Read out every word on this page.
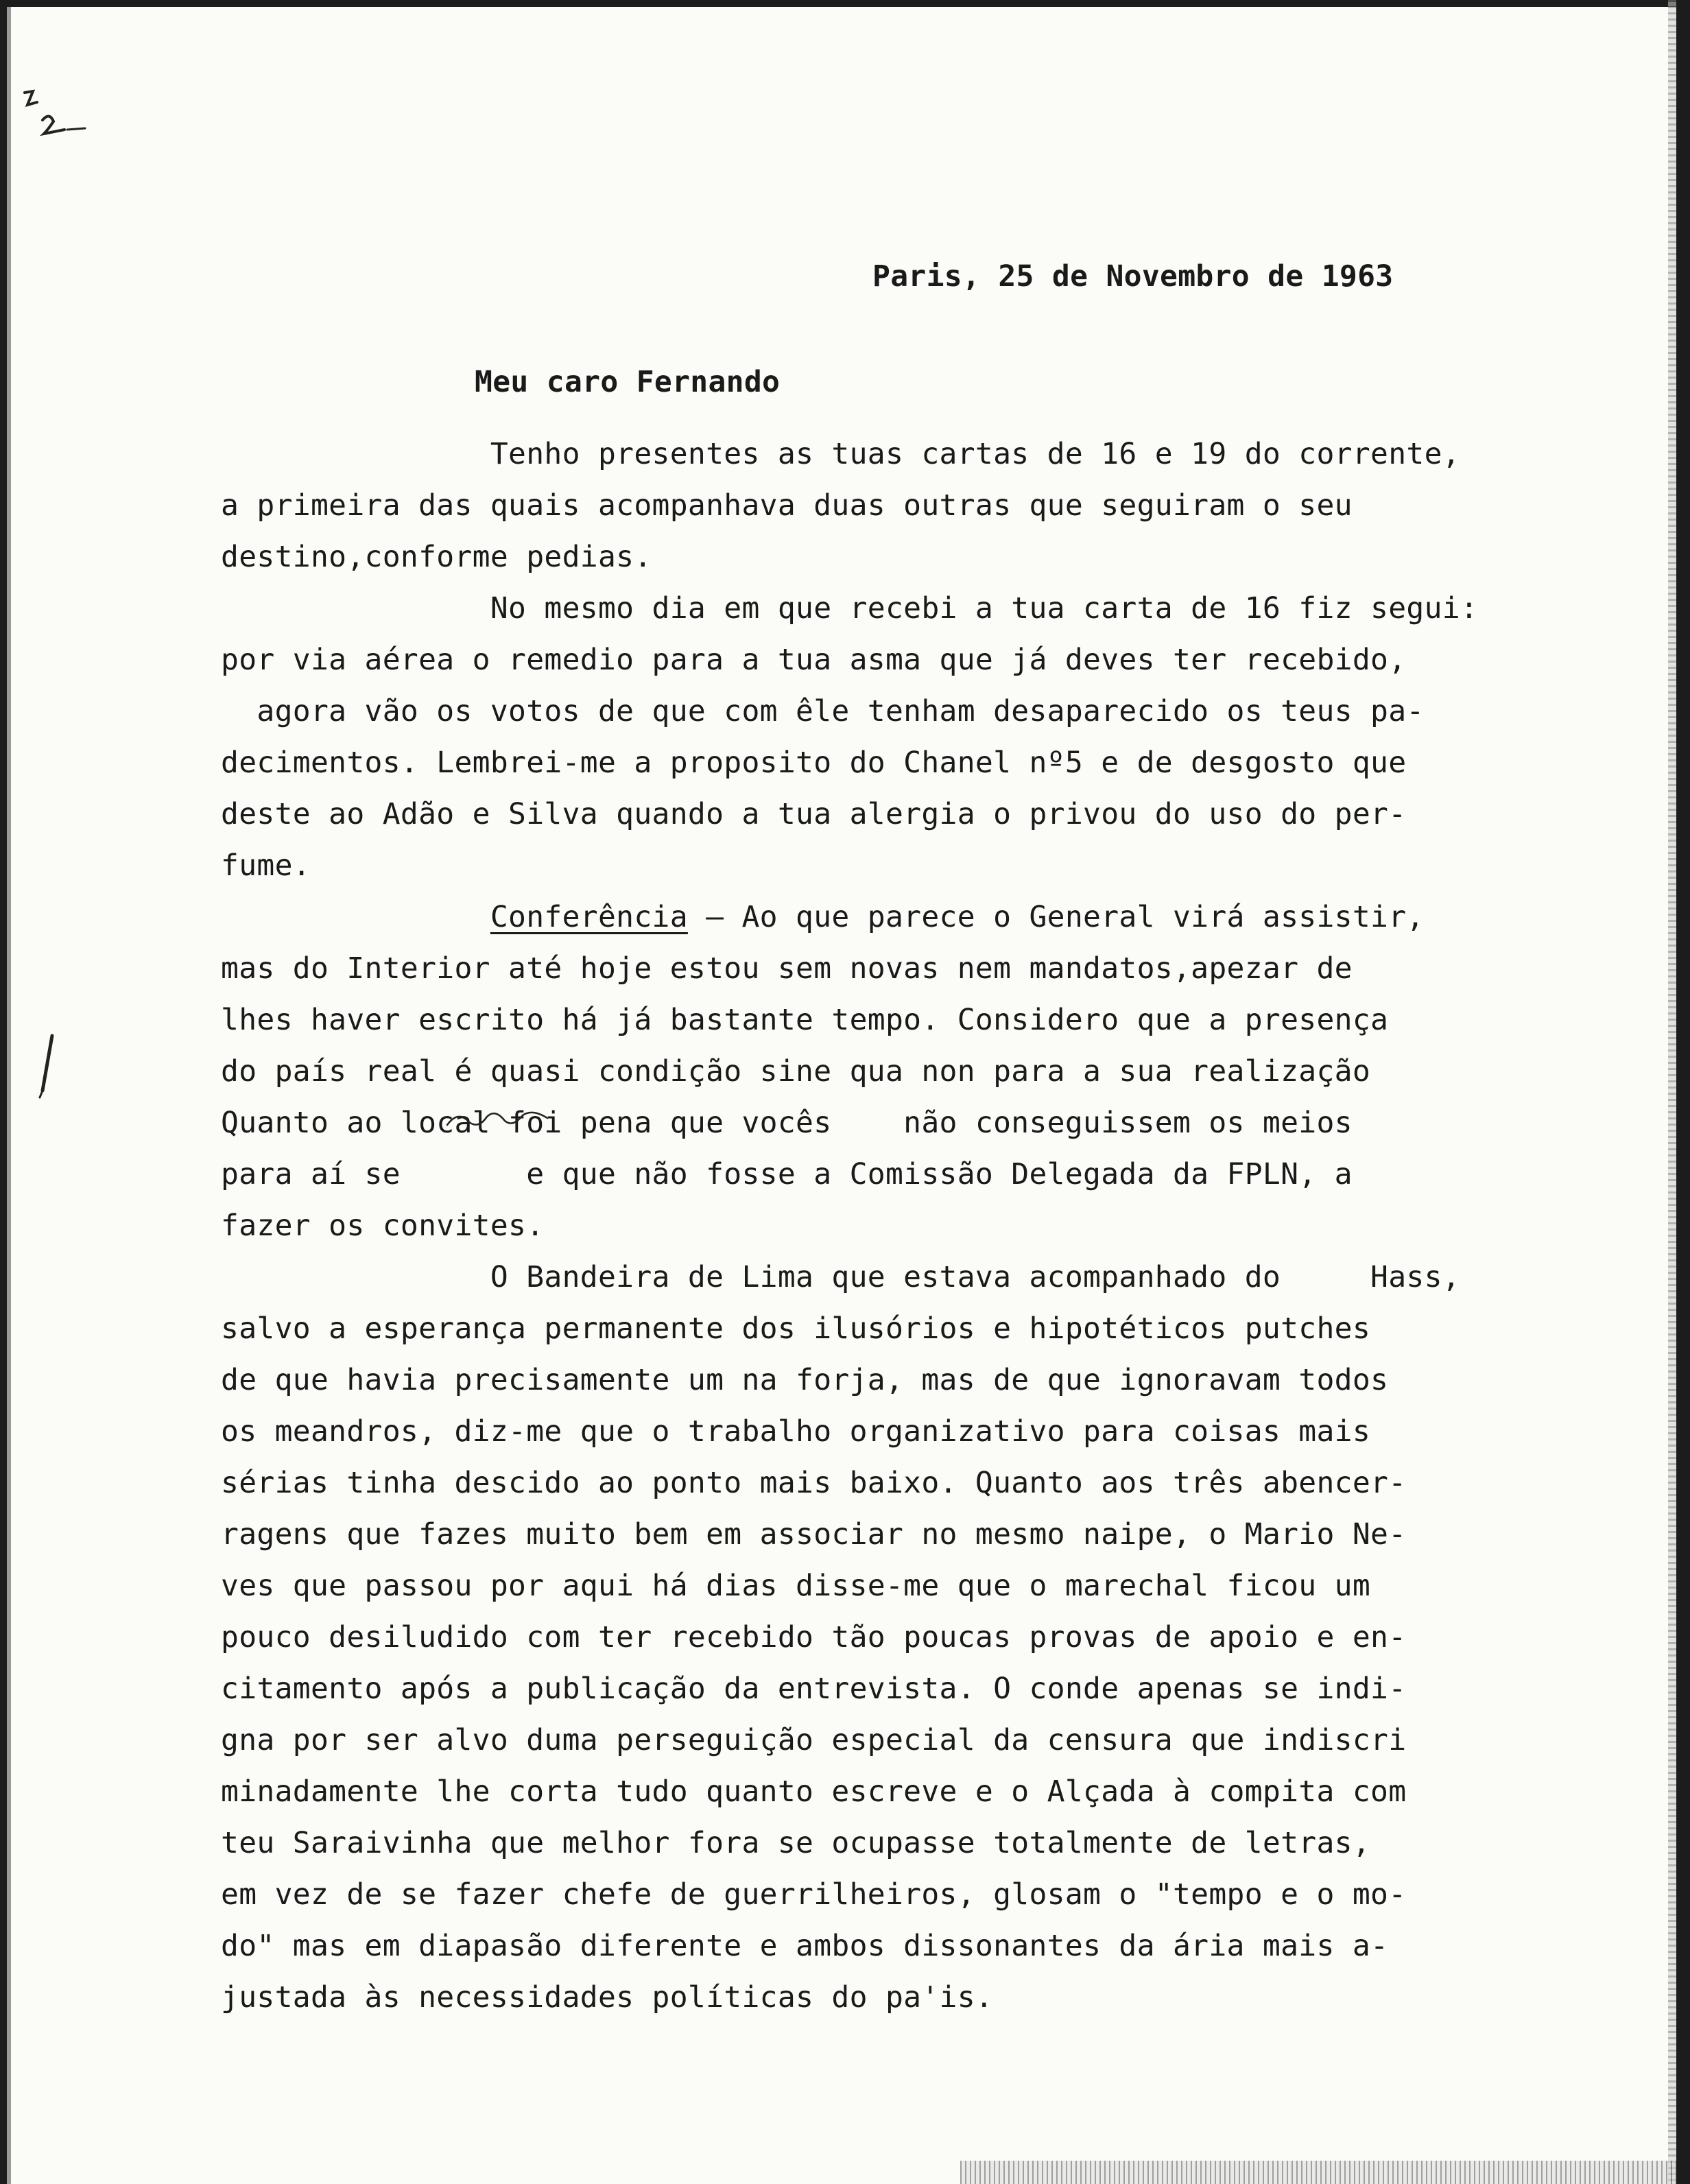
Paris, 25 de Novembro de 1963
Meu caro Fernando
Tenho presentes as tuas cartas de 16 e 19 do corrente,
a primeira das quais acompanhava duas outras que seguiram o seu
destino,conforme pedias.
No mesmo dia em que recebi a tua carta de 16 fiz segui:
por via aérea o remedio para a tua asma que já deves ter recebido,
agora vão os votos de que com êle tenham desaparecido os teus pa-
decimentos. Lembrei-me a proposito do Chanel nº5 e de desgosto que
deste ao Adão e Silva quando a tua alergia o privou do uso do per-
fume.
Conferência – Ao que parece o General virá assistir,
mas do Interior até hoje estou sem novas nem mandatos,apezar de
lhes haver escrito há já bastante tempo. Considero que a presença
do país real é quasi condição sine qua non para a sua realização
Quanto ao local foi pena que vocês    não conseguissem os meios
para aí se       e que não fosse a Comissão Delegada da FPLN, a
fazer os convites.
O Bandeira de Lima que estava acompanhado do     Hass,
salvo a esperança permanente dos ilusórios e hipotéticos putches
de que havia precisamente um na forja, mas de que ignoravam todos
os meandros, diz-me que o trabalho organizativo para coisas mais
sérias tinha descido ao ponto mais baixo. Quanto aos três abencer-
ragens que fazes muito bem em associar no mesmo naipe, o Mario Ne-
ves que passou por aqui há dias disse-me que o marechal ficou um
pouco desiludido com ter recebido tão poucas provas de apoio e en-
citamento após a publicação da entrevista. O conde apenas se indi-
gna por ser alvo duma perseguição especial da censura que indiscri
minadamente lhe corta tudo quanto escreve e o Alçada à compita com
teu Saraivinha que melhor fora se ocupasse totalmente de letras,
em vez de se fazer chefe de guerrilheiros, glosam o "tempo e o mo-
do" mas em diapasão diferente e ambos dissonantes da ária mais a-
justada às necessidades políticas do pa'is.
